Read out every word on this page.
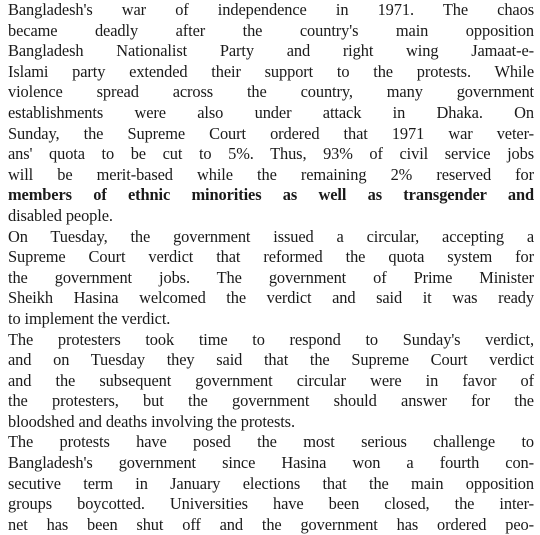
Bangladesh's war of independence in 1971. The chaos
became deadly after the country's main opposition
Bangladesh Nationalist Party and right wing Jamaat-e-
Islami party extended their support to the protests. While
violence spread across the country, many government
establishments were also under attack in Dhaka. On
Sunday, the Supreme Court ordered that 1971 war veter-
ans' quota to be cut to 5%. Thus, 93% of civil service jobs
will be merit-based while the remaining 2% reserved for
members of ethnic minorities as well as transgender and
disabled people.
On Tuesday, the government issued a circular, accepting a
Supreme Court verdict that reformed the quota system for
the government jobs. The government of Prime Minister
Sheikh Hasina welcomed the verdict and said it was ready
to implement the verdict.
The protesters took time to respond to Sunday's verdict,
and on Tuesday they said that the Supreme Court verdict
and the subsequent government circular were in favor of
the protesters, but the government should answer for the
bloodshed and deaths involving the protests.
The protests have posed the most serious challenge to
Bangladesh's government since Hasina won a fourth con-
secutive term in January elections that the main opposition
groups boycotted. Universities have been closed, the inter-
net has been shut off and the government has ordered peo-
